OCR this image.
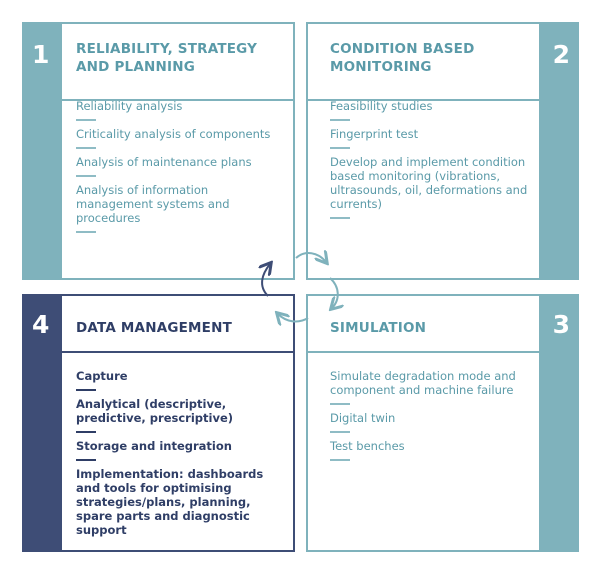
1 RELIABILITY, STRATEGY
AND PLANNING
Reliability analysis
Criticality analysis of components
Analysis of maintenance plans
Analysis of information management systems and procedures
CONDITION BASED
MONITORING
Feasibility studies
Fingerprint test
Develop and implement condition based monitoring (vibrations, ultrasounds, oil, deformations and currents)
2
4 DATA MANAGEMENT
Capture
Analytical (descriptive, predictive, prescriptive)
Storage and integration
Implementation: dashboards and tools for optimising strategies/plans, planning, spare parts and diagnostic support
SIMULATION
Simulate degradation mode and component and machine failure
Digital twin
Test benches
3
